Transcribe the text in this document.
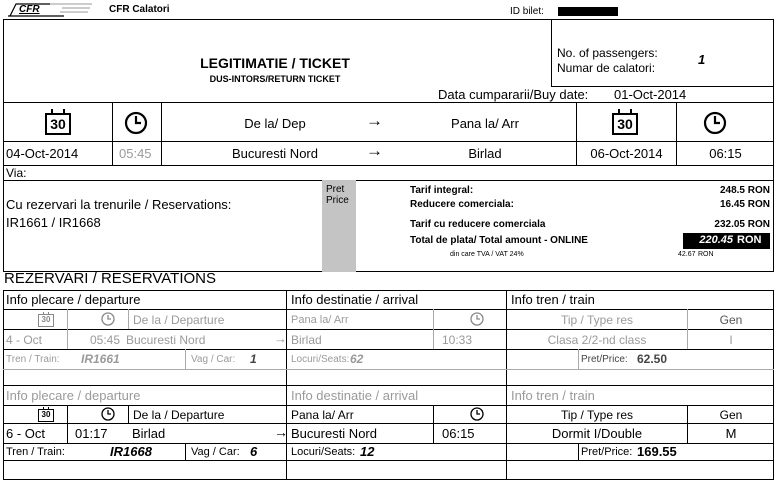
CFR	CFR Calatori	ID bilet:
LEGITIMATIE / TICKET
DUS-INTORS/RETURN TICKET
No. of passengers:
Numar de calatori:
1
Data cumpararii/Buy date: 01-Oct-2014
30	De la/ Dep	→	Pana la/ Arr	30
04-Oct-2014	05:45	Bucuresti Nord	→	Birlad	06-Oct-2014	06:15
Via:
Cu rezervari la trenurile / Reservations:
IR1661 / IR1668
Pret
Price
Tarif integral:	248.5 RON
Reducere comerciala:	16.45 RON
Tarif cu reducere comerciala	232.05 RON
Total de plata/ Total amount - ONLINE	220.45 RON
din care TVA / VAT 24%	42.67 RON
REZERVARI / RESERVATIONS
Info plecare / departure	Info destinatie / arrival	Info tren / train
30	De la / Departure	Pana la/ Arr	Tip / Type res	Gen
4 - Oct	05:45 Bucuresti Nord	→ Birlad	10:33	Clasa 2/2-nd class	I
Tren / Train: IR1661	Vag / Car: 1	Locuri/Seats: 62	Pret/Price: 62.50
Info plecare / departure	Info destinatie / arrival	Info tren / train
30	De la / Departure	Pana la/ Arr	Tip / Type res	Gen
6 - Oct 01:17 Birlad	→ Bucuresti Nord	06:15	Dormit I/Double	M
Tren / Train:	IR1668	Vag / Car: 6	Locuri/Seats: 12	Pret/Price: 169.55
